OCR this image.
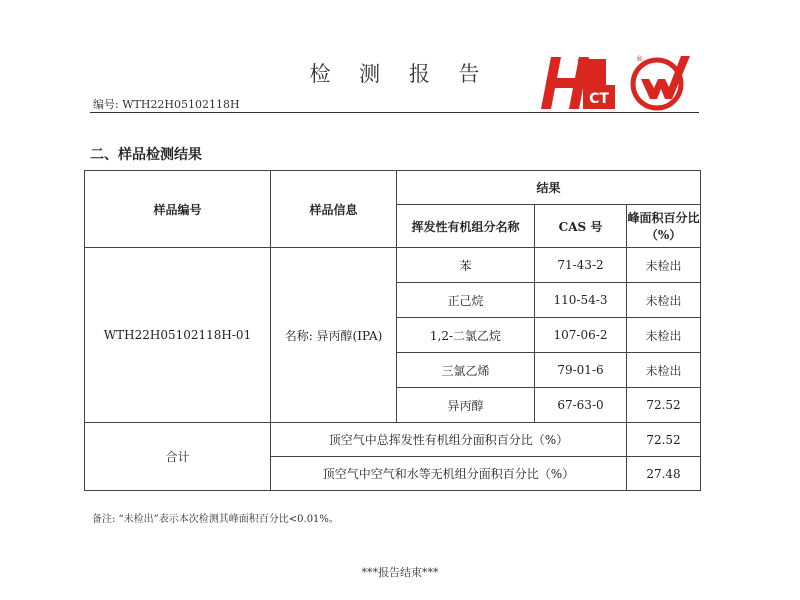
检 测 报 告
CT
®
编号: WTH22H05102118H
二、样品检测结果
样品编号	样品信息	结果		
		挥发性有机组分名称	CAS 号	峰面积百分比（%）
WTH22H05102118H-01	名称: 异丙醇(IPA)	苯	71-43-2	未检出
		正己烷	110-54-3	未检出
		1,2-二氯乙烷	107-06-2	未检出
		三氯乙烯	79-01-6	未检出
		异丙醇	67-63-0	72.52
合计	顶空气中总挥发性有机组分面积百分比（%）			72.52
	顶空气中空气和水等无机组分面积百分比（%）			27.48
备注: “未检出”表示本次检测其峰面积百分比<0.01%。
***报告结束***
